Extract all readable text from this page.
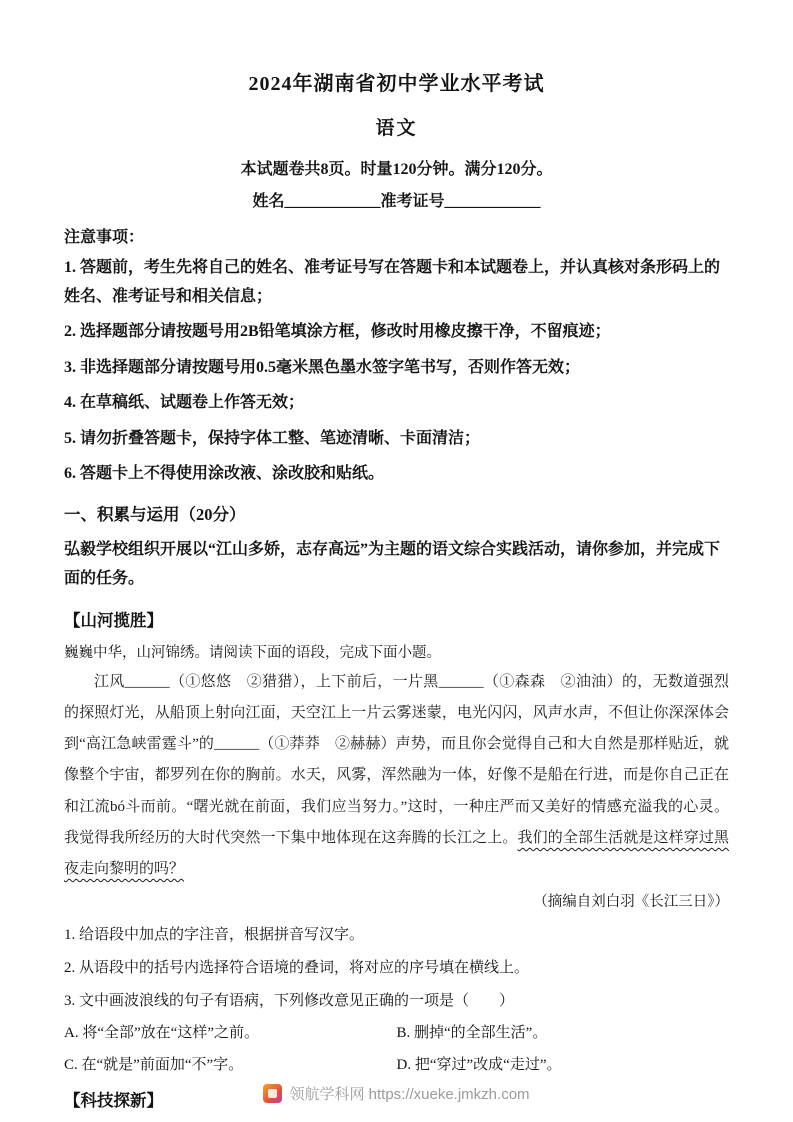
2024年湖南省初中学业水平考试
语文

本试题卷共8页。时量120分钟。满分120分。

姓名____________准考证号____________

注意事项：

1. 答题前，考生先将自己的姓名、准考证号写在答题卡和本试题卷上，并认真核对条形码上的姓名、准考证号和相关信息；

2. 选择题部分请按题号用2B铅笔填涂方框，修改时用橡皮擦干净，不留痕迹；

3. 非选择题部分请按题号用0.5毫米黑色墨水签字笔书写，否则作答无效；

4. 在草稿纸、试题卷上作答无效；

5. 请勿折叠答题卡，保持字体工整、笔迹清晰、卡面清洁；

6. 答题卡上不得使用涂改液、涂改胶和贴纸。

一、积累与运用（20分）

弘毅学校组织开展以“江山多娇，志存高远”为主题的语文综合实践活动，请你参加，并完成下面的任务。

【山河揽胜】

巍巍中华，山河锦绣。请阅读下面的语段，完成下面小题。

江风______（①悠悠　②猎猎），上下前后，一片黑______（①森森　②油油）的，无数道强烈的探照灯光，从船顶上射向江面，天空江上一片云雾迷蒙，电光闪闪，风声水声，不但让你深深体会到“高江急峡雷霆斗”的______（①莽莽　②赫赫）声势，而且你会觉得自己和大自然是那样贴近，就像整个宇宙，都罗列在你的胸前。水天，风雾，浑然融为一体，好像不是船在行进，而是你自己正在和江流bó斗而前。“曙光就在前面，我们应当努力。”这时，一种庄严而又美好的情感充溢我的心灵。我觉得我所经历的大时代突然一下集中地体现在这奔腾的长江之上。我们的全部生活就是这样穿过黑夜走向黎明的吗？

（摘编自刘白羽《长江三日》）

1. 给语段中加点的字注音，根据拼音写汉字。

2. 从语段中的括号内选择符合语境的叠词，将对应的序号填在横线上。

3. 文中画波浪线的句子有语病，下列修改意见正确的一项是（　　）

A. 将“全部”放在“这样”之前。	B. 删掉“的全部生活”。

C. 在“就是”前面加“不”字。	D. 把“穿过”改成“走过”。

【科技探新】	领航学科网 https://xueke.jmkzh.com
